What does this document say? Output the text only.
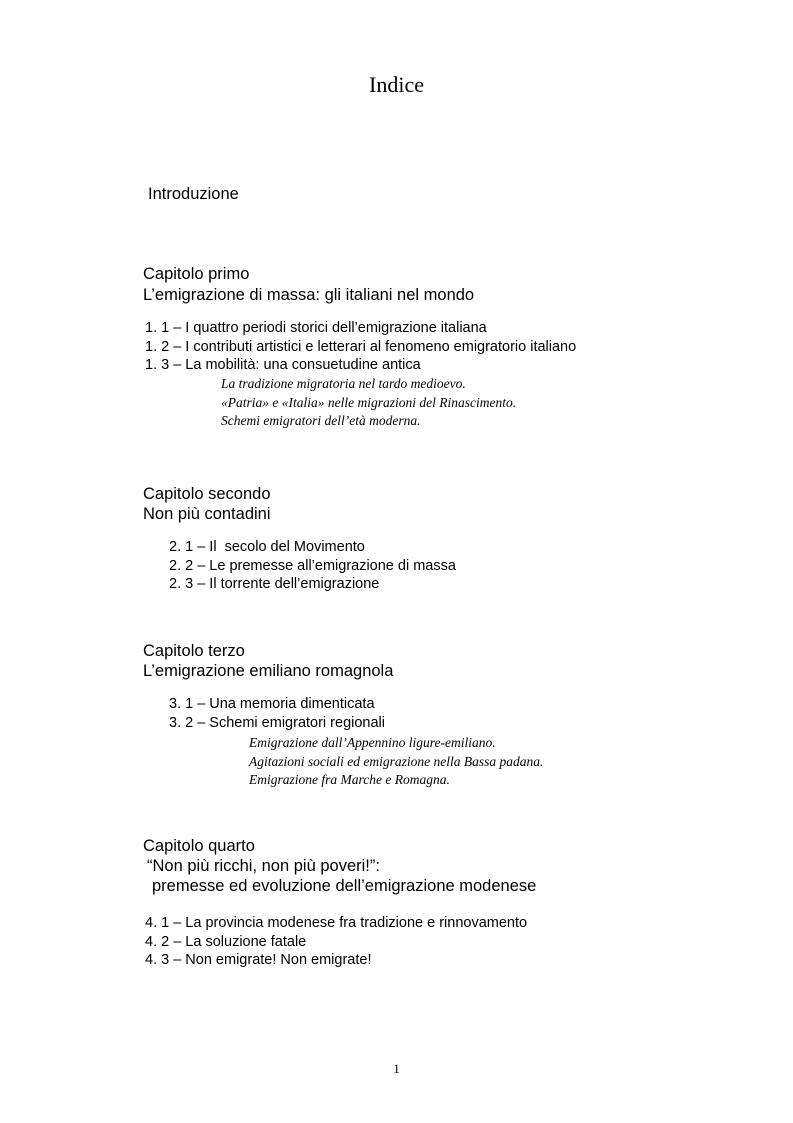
Indice
Introduzione
Capitolo primo
L’emigrazione di massa: gli italiani nel mondo
1. 1 – I quattro periodi storici dell’emigrazione italiana
1. 2 – I contributi artistici e letterari al fenomeno emigratorio italiano
1. 3 – La mobilità: una consuetudine antica
La tradizione migratoria nel tardo medioevo.
«Patria» e «Italia» nelle migrazioni del Rinascimento.
Schemi emigratori dell’età moderna.
Capitolo secondo
Non più contadini
2. 1 – Il  secolo del Movimento
2. 2 – Le premesse all’emigrazione di massa
2. 3 – Il torrente dell’emigrazione
Capitolo terzo
L’emigrazione emiliano romagnola
3. 1 – Una memoria dimenticata
3. 2 – Schemi emigratori regionali
Emigrazione dall’Appennino ligure-emiliano.
Agitazioni sociali ed emigrazione nella Bassa padana.
Emigrazione fra Marche e Romagna.
Capitolo quarto
“Non più ricchi, non più poveri!”:
premesse ed evoluzione dell’emigrazione modenese
4. 1 – La provincia modenese fra tradizione e rinnovamento
4. 2 – La soluzione fatale
4. 3 – Non emigrate! Non emigrate!
1
